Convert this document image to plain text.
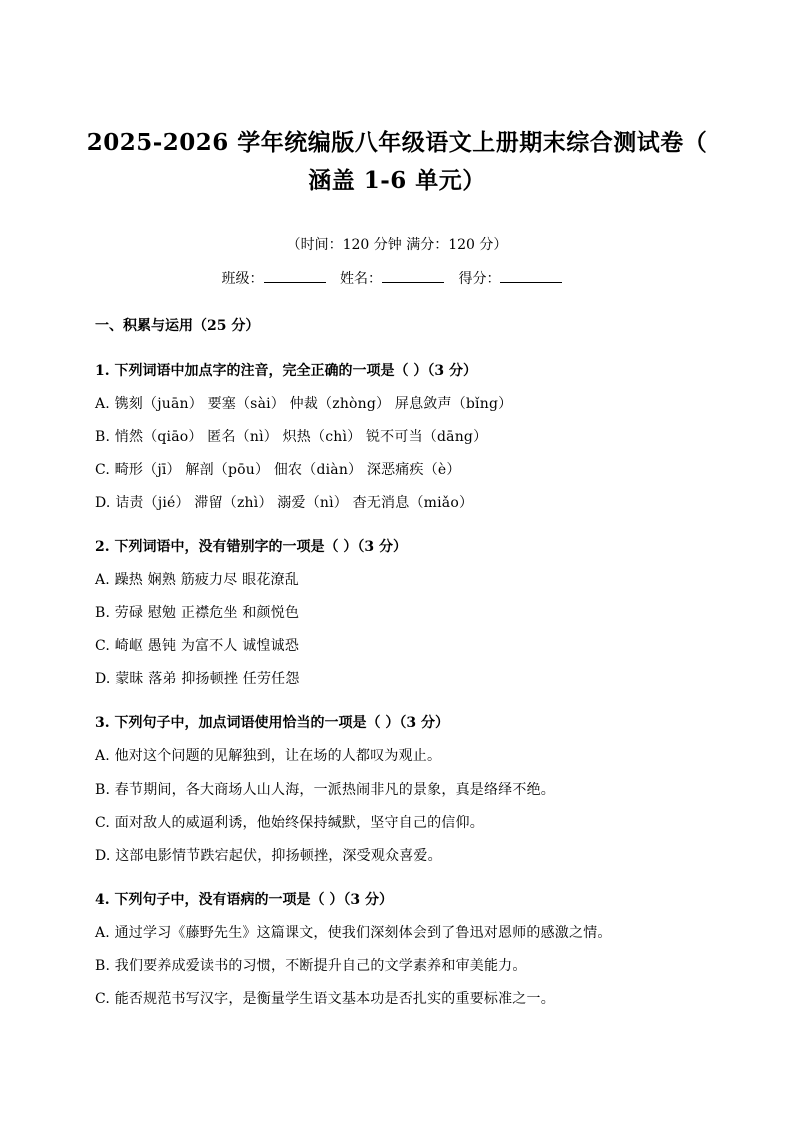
2025-2026 学年统编版八年级语文上册期末综合测试卷（
涵盖 1-6 单元）
（时间：120 分钟 满分：120 分）
班级：	姓名：	得分：
一、积累与运用（25 分）
1. 下列词语中加点字的注音，完全正确的一项是（ ）（3 分）
A. 镌刻（juān） 要塞（sài） 仲裁（zhòng） 屏息敛声（bǐng）
B. 悄然（qiāo） 匿名（nì） 炽热（chì） 锐不可当（dāng）
C. 畸形（jī） 解剖（pōu） 佃农（diàn） 深恶痛疾（è）
D. 诘责（jié） 滞留（zhì） 溺爱（nì） 杳无消息（miǎo）
2. 下列词语中，没有错别字的一项是（ ）（3 分）
A. 躁热 娴熟 筋疲力尽 眼花潦乱
B. 劳碌 慰勉 正襟危坐 和颜悦色
C. 崎岖 愚钝 为富不人 诚惶诚恐
D. 蒙昧 落弟 抑扬顿挫 任劳任怨
3. 下列句子中，加点词语使用恰当的一项是（ ）（3 分）
A. 他对这个问题的见解独到，让在场的人都叹为观止。
B. 春节期间，各大商场人山人海，一派热闹非凡的景象，真是络绎不绝。
C. 面对敌人的威逼利诱，他始终保持缄默，坚守自己的信仰。
D. 这部电影情节跌宕起伏，抑扬顿挫，深受观众喜爱。
4. 下列句子中，没有语病的一项是（ ）（3 分）
A. 通过学习《藤野先生》这篇课文，使我们深刻体会到了鲁迅对恩师的感激之情。
B. 我们要养成爱读书的习惯，不断提升自己的文学素养和审美能力。
C. 能否规范书写汉字，是衡量学生语文基本功是否扎实的重要标准之一。
